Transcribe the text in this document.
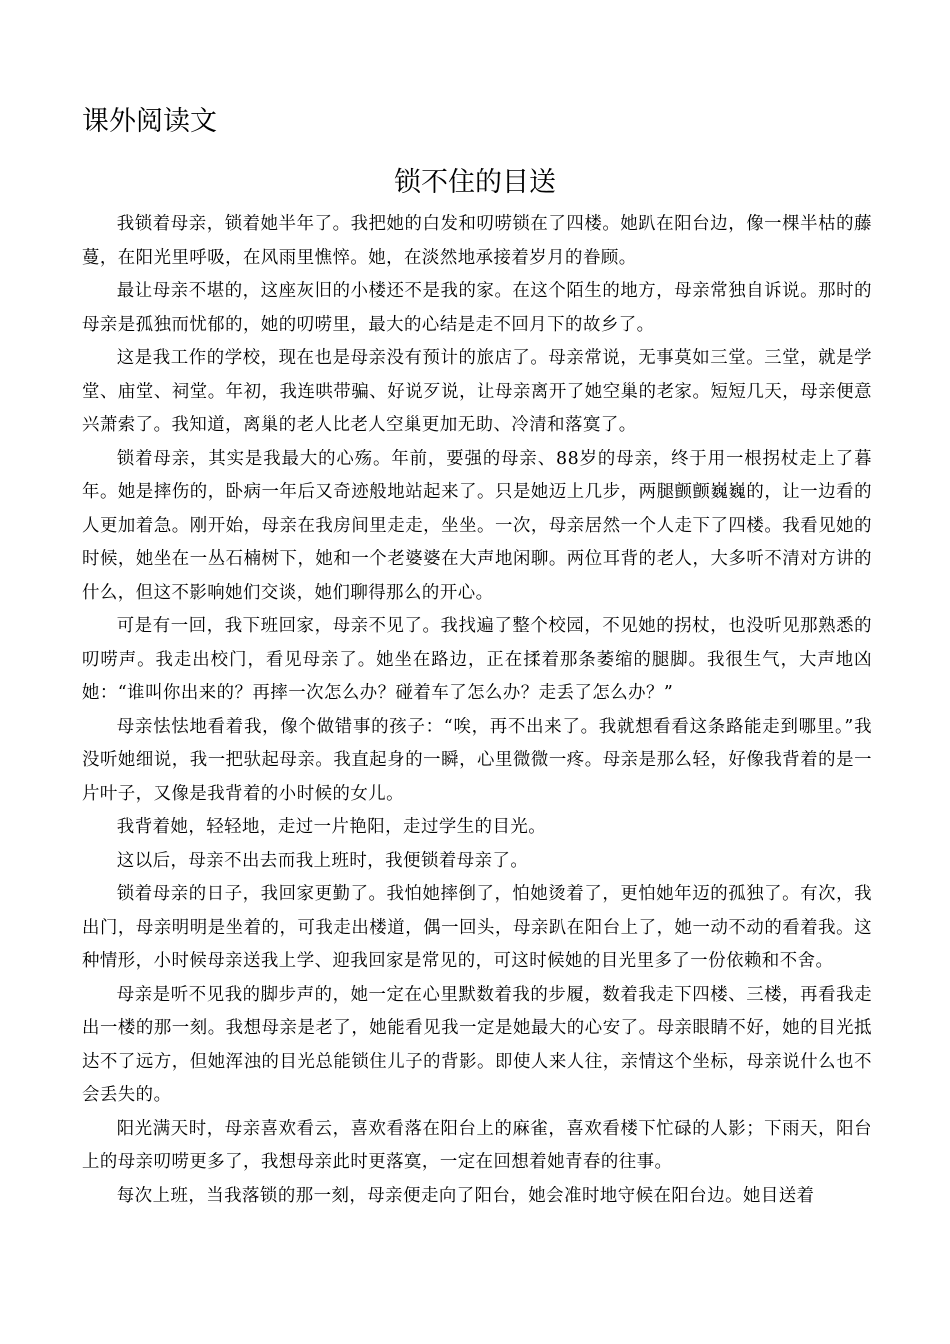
课外阅读文
锁不住的目送

我锁着母亲，锁着她半年了。我把她的白发和叨唠锁在了四楼。她趴在阳台边，像一棵半枯的藤蔓，在阳光里呼吸，在风雨里憔悴。她，在淡然地承接着岁月的眷顾。

最让母亲不堪的，这座灰旧的小楼还不是我的家。在这个陌生的地方，母亲常独自诉说。那时的母亲是孤独而忧郁的，她的叨唠里，最大的心结是走不回月下的故乡了。

这是我工作的学校，现在也是母亲没有预计的旅店了。母亲常说，无事莫如三堂。三堂，就是学堂、庙堂、祠堂。年初，我连哄带骗、好说歹说，让母亲离开了她空巢的老家。短短几天，母亲便意兴萧索了。我知道，离巢的老人比老人空巢更加无助、冷清和落寞了。

锁着母亲，其实是我最大的心殇。年前，要强的母亲、88岁的母亲，终于用一根拐杖走上了暮年。她是摔伤的，卧病一年后又奇迹般地站起来了。只是她迈上几步，两腿颤颤巍巍的，让一边看的人更加着急。刚开始，母亲在我房间里走走，坐坐。一次，母亲居然一个人走下了四楼。我看见她的时候，她坐在一丛石楠树下，她和一个老婆婆在大声地闲聊。两位耳背的老人，大多听不清对方讲的什么，但这不影响她们交谈，她们聊得那么的开心。

可是有一回，我下班回家，母亲不见了。我找遍了整个校园，不见她的拐杖，也没听见那熟悉的叨唠声。我走出校门，看见母亲了。她坐在路边，正在揉着那条萎缩的腿脚。我很生气，大声地凶她：“谁叫你出来的？再摔一次怎么办？碰着车了怎么办？走丢了怎么办？”

母亲怯怯地看着我，像个做错事的孩子：“唉，再不出来了。我就想看看这条路能走到哪里。”我没听她细说，我一把驮起母亲。我直起身的一瞬，心里微微一疼。母亲是那么轻，好像我背着的是一片叶子，又像是我背着的小时候的女儿。

我背着她，轻轻地，走过一片艳阳，走过学生的目光。

这以后，母亲不出去而我上班时，我便锁着母亲了。

锁着母亲的日子，我回家更勤了。我怕她摔倒了，怕她烫着了，更怕她年迈的孤独了。有次，我出门，母亲明明是坐着的，可我走出楼道，偶一回头，母亲趴在阳台上了，她一动不动的看着我。这种情形，小时候母亲送我上学、迎我回家是常见的，可这时候她的目光里多了一份依赖和不舍。

母亲是听不见我的脚步声的，她一定在心里默数着我的步履，数着我走下四楼、三楼，再看我走出一楼的那一刻。我想母亲是老了，她能看见我一定是她最大的心安了。母亲眼睛不好，她的目光抵达不了远方，但她浑浊的目光总能锁住儿子的背影。即使人来人往，亲情这个坐标，母亲说什么也不会丢失的。

阳光满天时，母亲喜欢看云，喜欢看落在阳台上的麻雀，喜欢看楼下忙碌的人影；下雨天，阳台上的母亲叨唠更多了，我想母亲此时更落寞，一定在回想着她青春的往事。

每次上班，当我落锁的那一刻，母亲便走向了阳台，她会准时地守候在阳台边。她目送着
